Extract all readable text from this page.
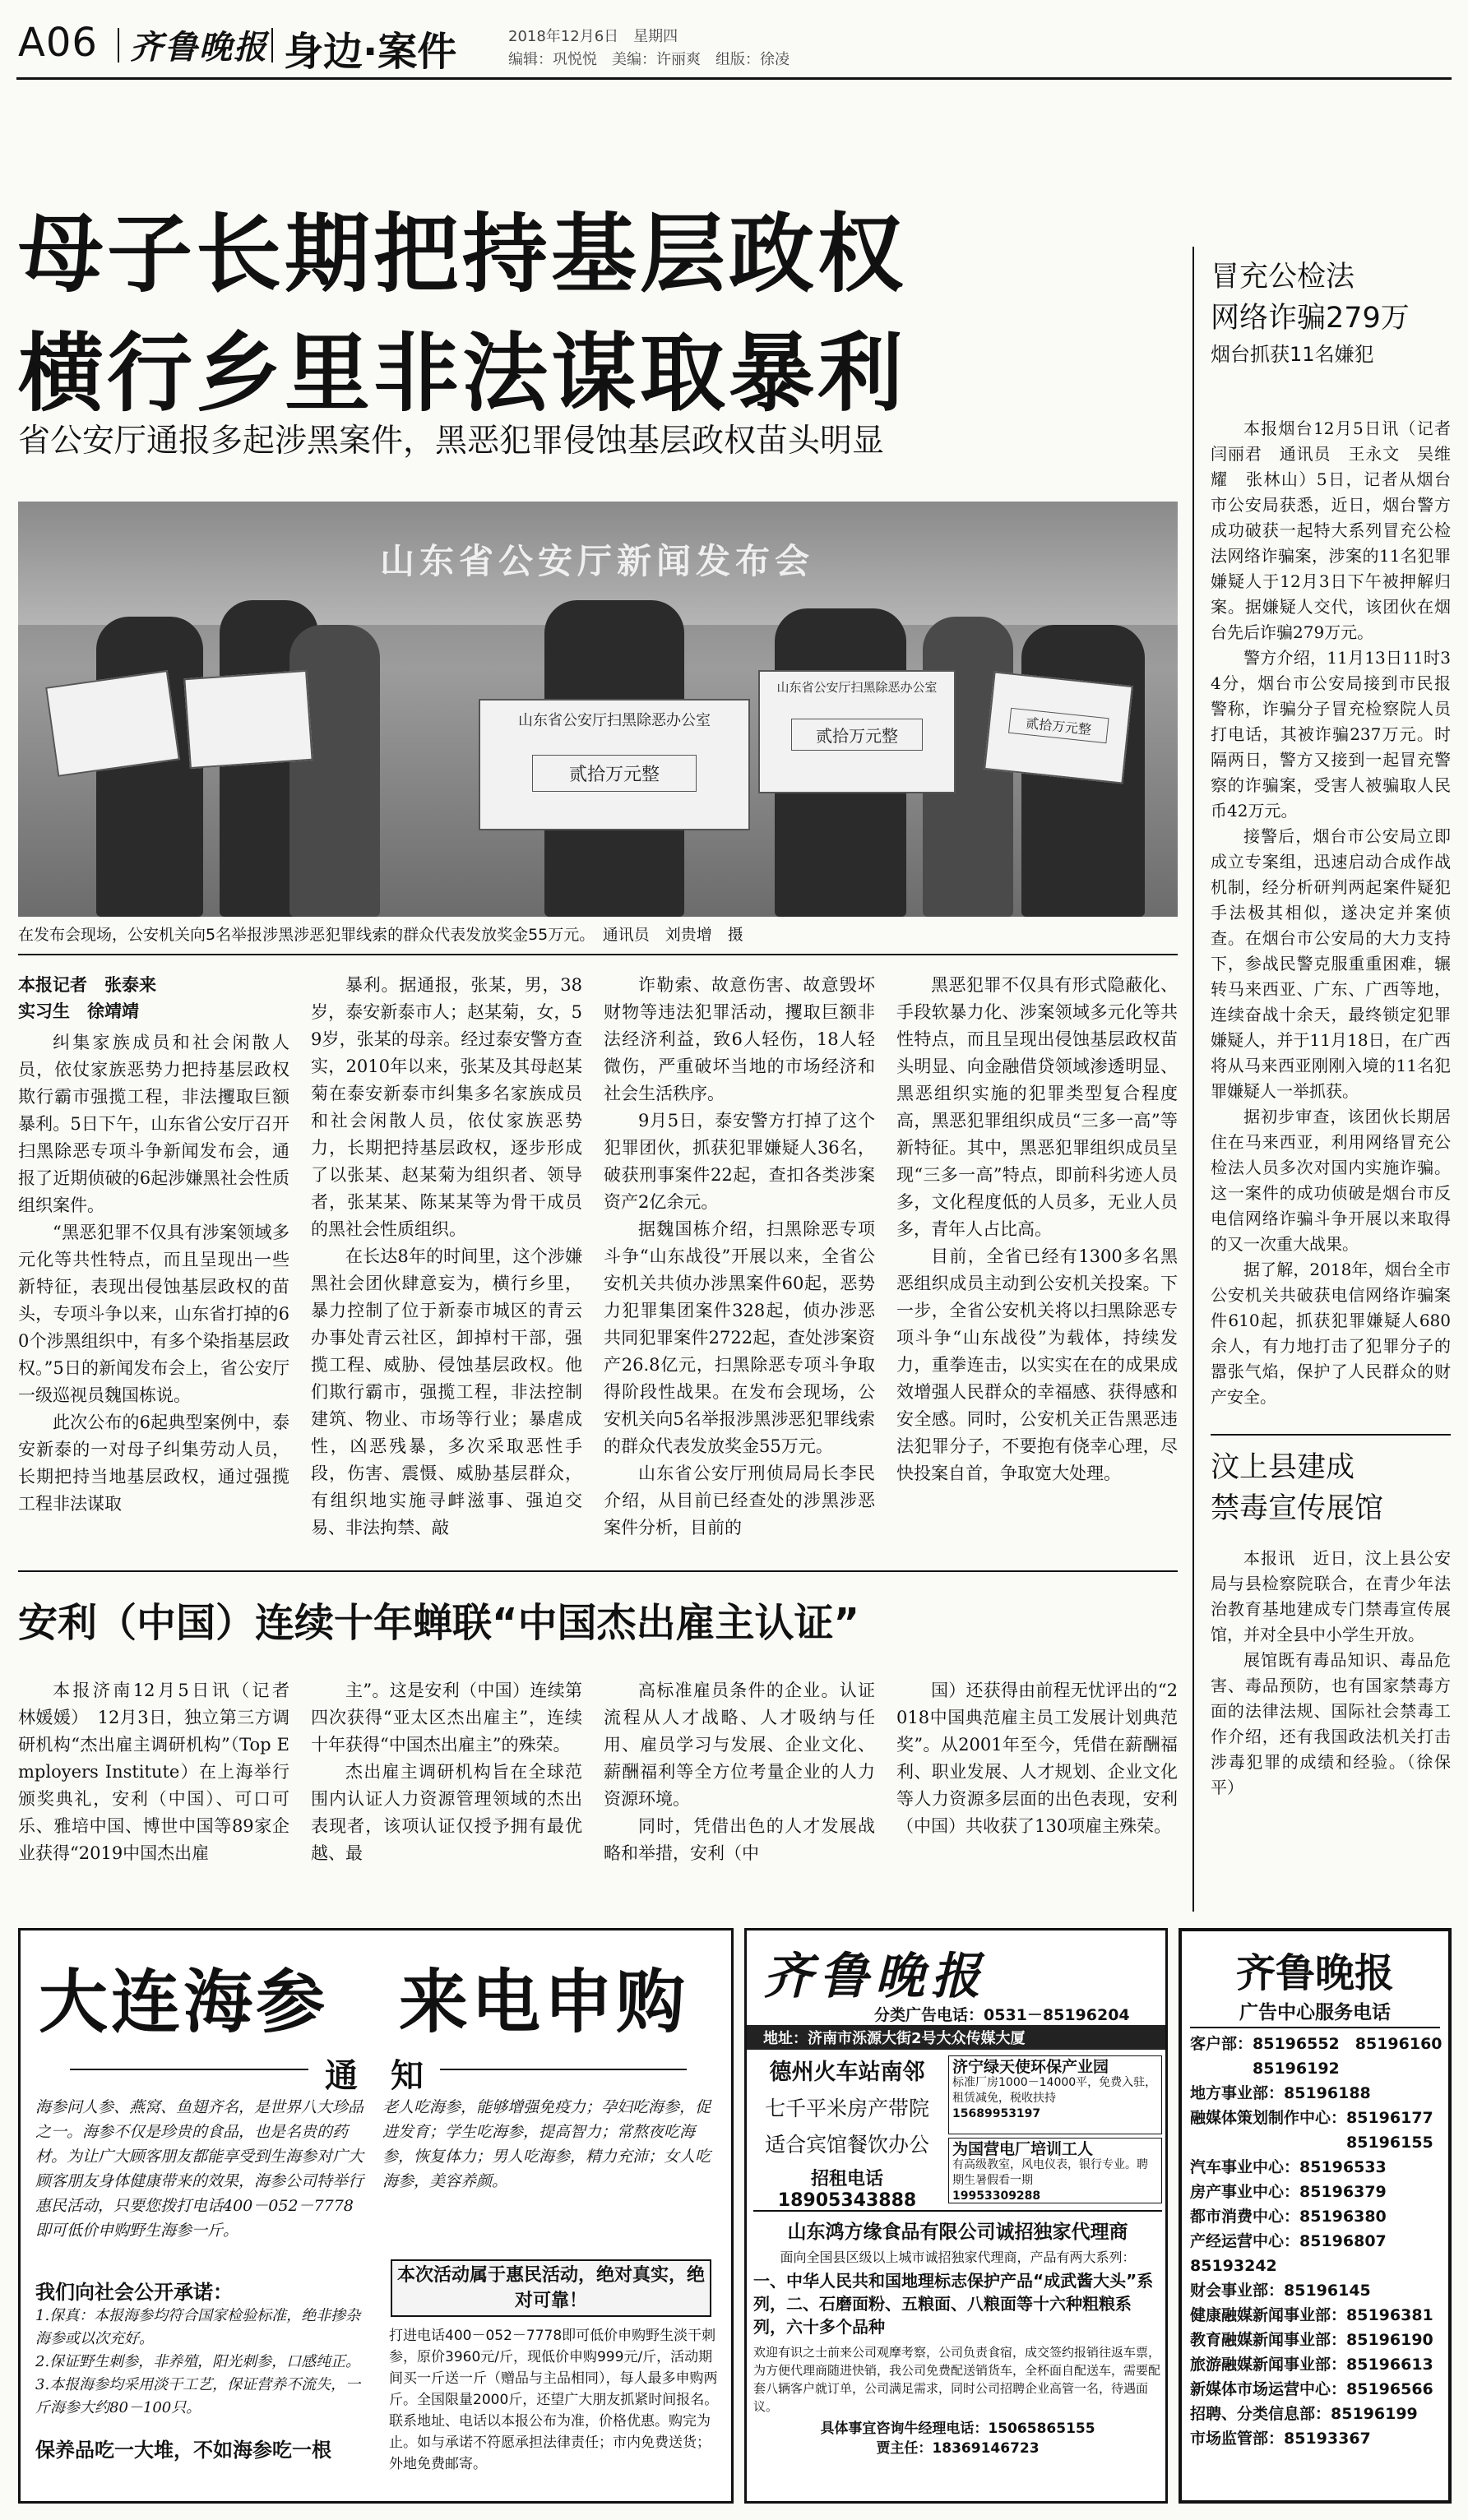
A06 齐鲁晚报 身边·案件	2018年12月6日　星期四
编辑：巩悦悦　美编：许丽爽　组版：徐凌
母子长期把持基层政权
横行乡里非法谋取暴利
省公安厅通报多起涉黑案件，黑恶犯罪侵蚀基层政权苗头明显
山东省公安厅新闻发布会
山东省公安厅扫黑除恶办公室
贰拾万元整
山东省公安厅扫黑除恶办公室
贰拾万元整	贰拾万元整
在发布会现场，公安机关向5名举报涉黑涉恶犯罪线索的群众代表发放奖金55万元。　通讯员　刘贵增　摄
本报记者　张泰来
实习生　徐靖靖

纠集家族成员和社会闲散人员，依仗家族恶势力把持基层政权欺行霸市强揽工程，非法攫取巨额暴利。5日下午，山东省公安厅召开扫黑除恶专项斗争新闻发布会，通报了近期侦破的6起涉嫌黑社会性质组织案件。

“黑恶犯罪不仅具有涉案领域多元化等共性特点，而且呈现出一些新特征，表现出侵蚀基层政权的苗头，专项斗争以来，山东省打掉的60个涉黑组织中，有多个染指基层政权。”5日的新闻发布会上，省公安厅一级巡视员魏国栋说。

此次公布的6起典型案例中，泰安新泰的一对母子纠集劳动人员，长期把持当地基层政权，通过强揽工程非法谋取

暴利。据通报，张某，男，38岁，泰安新泰市人；赵某菊，女，59岁，张某的母亲。经过泰安警方查实，2010年以来，张某及其母赵某菊在泰安新泰市纠集多名家族成员和社会闲散人员，依仗家族恶势力，长期把持基层政权，逐步形成了以张某、赵某菊为组织者、领导者，张某某、陈某某等为骨干成员的黑社会性质组织。

在长达8年的时间里，这个涉嫌黑社会团伙肆意妄为，横行乡里，暴力控制了位于新泰市城区的青云办事处青云社区，卸掉村干部，强揽工程、威胁、侵蚀基层政权。他们欺行霸市，强揽工程，非法控制建筑、物业、市场等行业；暴虐成性，凶恶残暴，多次采取恶性手段，伤害、震慑、威胁基层群众，有组织地实施寻衅滋事、强迫交易、非法拘禁、敲

诈勒索、故意伤害、故意毁坏财物等违法犯罪活动，攫取巨额非法经济利益，致6人轻伤，18人轻微伤，严重破坏当地的市场经济和社会生活秩序。

9月5日，泰安警方打掉了这个犯罪团伙，抓获犯罪嫌疑人36名，破获刑事案件22起，查扣各类涉案资产2亿余元。

据魏国栋介绍，扫黑除恶专项斗争“山东战役”开展以来，全省公安机关共侦办涉黑案件60起，恶势力犯罪集团案件328起，侦办涉恶共同犯罪案件2722起，查处涉案资产26.8亿元，扫黑除恶专项斗争取得阶段性战果。在发布会现场，公安机关向5名举报涉黑涉恶犯罪线索的群众代表发放奖金55万元。

山东省公安厅刑侦局局长李民介绍，从目前已经查处的涉黑涉恶案件分析，目前的

黑恶犯罪不仅具有形式隐蔽化、手段软暴力化、涉案领域多元化等共性特点，而且呈现出侵蚀基层政权苗头明显、向金融借贷领域渗透明显、黑恶组织实施的犯罪类型复合程度高，黑恶犯罪组织成员“三多一高”等新特征。其中，黑恶犯罪组织成员呈现“三多一高”特点，即前科劣迹人员多，文化程度低的人员多，无业人员多，青年人占比高。

目前，全省已经有1300多名黑恶组织成员主动到公安机关投案。下一步，全省公安机关将以扫黑除恶专项斗争“山东战役”为载体，持续发力，重拳连击，以实实在在的成果成效增强人民群众的幸福感、获得感和安全感。同时，公安机关正告黑恶违法犯罪分子，不要抱有侥幸心理，尽快投案自首，争取宽大处理。

冒充公检法
网络诈骗279万
烟台抓获11名嫌犯

本报烟台12月5日讯（记者　闫丽君　通讯员　王永文　吴维耀　张林山）5日，记者从烟台市公安局获悉，近日，烟台警方成功破获一起特大系列冒充公检法网络诈骗案，涉案的11名犯罪嫌疑人于12月3日下午被押解归案。据嫌疑人交代，该团伙在烟台先后诈骗279万元。

警方介绍，11月13日11时34分，烟台市公安局接到市民报警称，诈骗分子冒充检察院人员打电话，其被诈骗237万元。时隔两日，警方又接到一起冒充警察的诈骗案，受害人被骗取人民币42万元。

接警后，烟台市公安局立即成立专案组，迅速启动合成作战机制，经分析研判两起案件疑犯手法极其相似，遂决定并案侦查。在烟台市公安局的大力支持下，参战民警克服重重困难，辗转马来西亚、广东、广西等地，连续奋战十余天，最终锁定犯罪嫌疑人，并于11月18日，在广西将从马来西亚刚刚入境的11名犯罪嫌疑人一举抓获。

据初步审查，该团伙长期居住在马来西亚，利用网络冒充公检法人员多次对国内实施诈骗。这一案件的成功侦破是烟台市反电信网络诈骗斗争开展以来取得的又一次重大战果。

据了解，2018年，烟台全市公安机关共破获电信网络诈骗案件610起，抓获犯罪嫌疑人680余人，有力地打击了犯罪分子的嚣张气焰，保护了人民群众的财产安全。

汶上县建成
禁毒宣传展馆

本报讯　近日，汶上县公安局与县检察院联合，在青少年法治教育基地建成专门禁毒宣传展馆，并对全县中小学生开放。

展馆既有毒品知识、毒品危害、毒品预防，也有国家禁毒方面的法律法规、国际社会禁毒工作介绍，还有我国政法机关打击涉毒犯罪的成绩和经验。（徐保平）

安利（中国）连续十年蝉联“中国杰出雇主认证”

本报济南12月5日讯（记者　林媛媛）　12月3日，独立第三方调研机构“杰出雇主调研机构”（Top Employers Institute）在上海举行颁奖典礼，安利（中国）、可口可乐、雅培中国、博世中国等89家企业获得“2019中国杰出雇

主”。这是安利（中国）连续第四次获得“亚太区杰出雇主”，连续十年获得“中国杰出雇主”的殊荣。

杰出雇主调研机构旨在全球范围内认证人力资源管理领域的杰出表现者，该项认证仅授予拥有最优越、最

高标准雇员条件的企业。认证流程从人才战略、人才吸纳与任用、雇员学习与发展、企业文化、薪酬福利等全方位考量企业的人力资源环境。

同时，凭借出色的人才发展战略和举措，安利（中

国）还获得由前程无忧评出的“2018中国典范雇主员工发展计划典范奖”。从2001年至今，凭借在薪酬福利、职业发展、人才规划、企业文化等人力资源多层面的出色表现，安利（中国）共收获了130项雇主殊荣。

大连海参 来电申购
通　知
海参问人参、燕窝、鱼翅齐名，是世界八大珍品之一。海参不仅是珍贵的食品，也是名贵的药材。为让广大顾客朋友都能享受到生海参对广大顾客朋友身体健康带来的效果，海参公司特举行惠民活动，只要您拨打电话400－052－7778即可低价申购野生海参一斤。
我们向社会公开承诺：
1.保真：本报海参均符合国家检验标准，绝非掺杂海参或以次充好。
2.保证野生刺参，非养殖，阳光刺参，口感纯正。
3.本报海参均采用淡干工艺，保证营养不流失，一斤海参大约80－100只。
保养品吃一大堆，不如海参吃一根
老人吃海参，能够增强免疫力；孕妇吃海参，促进发育；学生吃海参，提高智力；常熬夜吃海参，恢复体力；男人吃海参，精力充沛；女人吃海参，美容养颜。
本次活动属于惠民活动，绝对真实，绝对可靠！
打进电话400－052－7778即可低价申购野生淡干刺参，原价3960元/斤，现低价申购999元/斤，活动期间买一斤送一斤（赠品与主品相同），每人最多申购两斤。全国限量2000斤，还望广大朋友抓紧时间报名。联系地址、电话以本报公布为准，价格优惠。购完为止。如与承诺不符愿承担法律责任；市内免费送货；外地免费邮寄。
齐鲁晚报
分类广告电话：0531－85196204
地址：济南市泺源大街2号大众传媒大厦
德州火车站南邻
七千平米房产带院
适合宾馆餐饮办公
招租电话18905343888
济宁绿天使环保产业园
标准厂房1000－14000平，免费入驻，租赁减免，税收扶持
15689953197
为国营电厂培训工人
有高级教室，风电仪表，银行专业。聘期生暑假看一期
19953309288
山东鸿方缘食品有限公司诚招独家代理商
面向全国县区级以上城市诚招独家代理商，产品有两大系列：
一、中华人民共和国地理标志保护产品“成武酱大头”系列，二、石磨面粉、五粮面、八粮面等十六种粗粮系列，六十多个品种
欢迎有识之士前来公司观摩考察，公司负责食宿，成交签约报销往返车票，为方便代理商随进快销，我公司免费配送销货车，全杯面自配送车，需要配套八辆客户就订单，公司满足需求，同时公司招聘企业高管一名，待遇面议。
具体事宜咨询牛经理电话：15065865155
贾主任：18369146723
齐鲁晚报
广告中心服务电话
客户部：85196552　85196160
　　　　85196192
地方事业部：85196188
融媒体策划制作中心：85196177
　　　　　　　　　　85196155
汽车事业中心：85196533
房产事业中心：85196379
都市消费中心：85196380
产经运营中心：85196807　85193242
财会事业部：85196145
健康融媒新闻事业部：85196381
教育融媒新闻事业部：85196190
旅游融媒新闻事业部：85196613
新媒体市场运营中心：85196566
招聘、分类信息部：85196199
市场监管部：85193367
